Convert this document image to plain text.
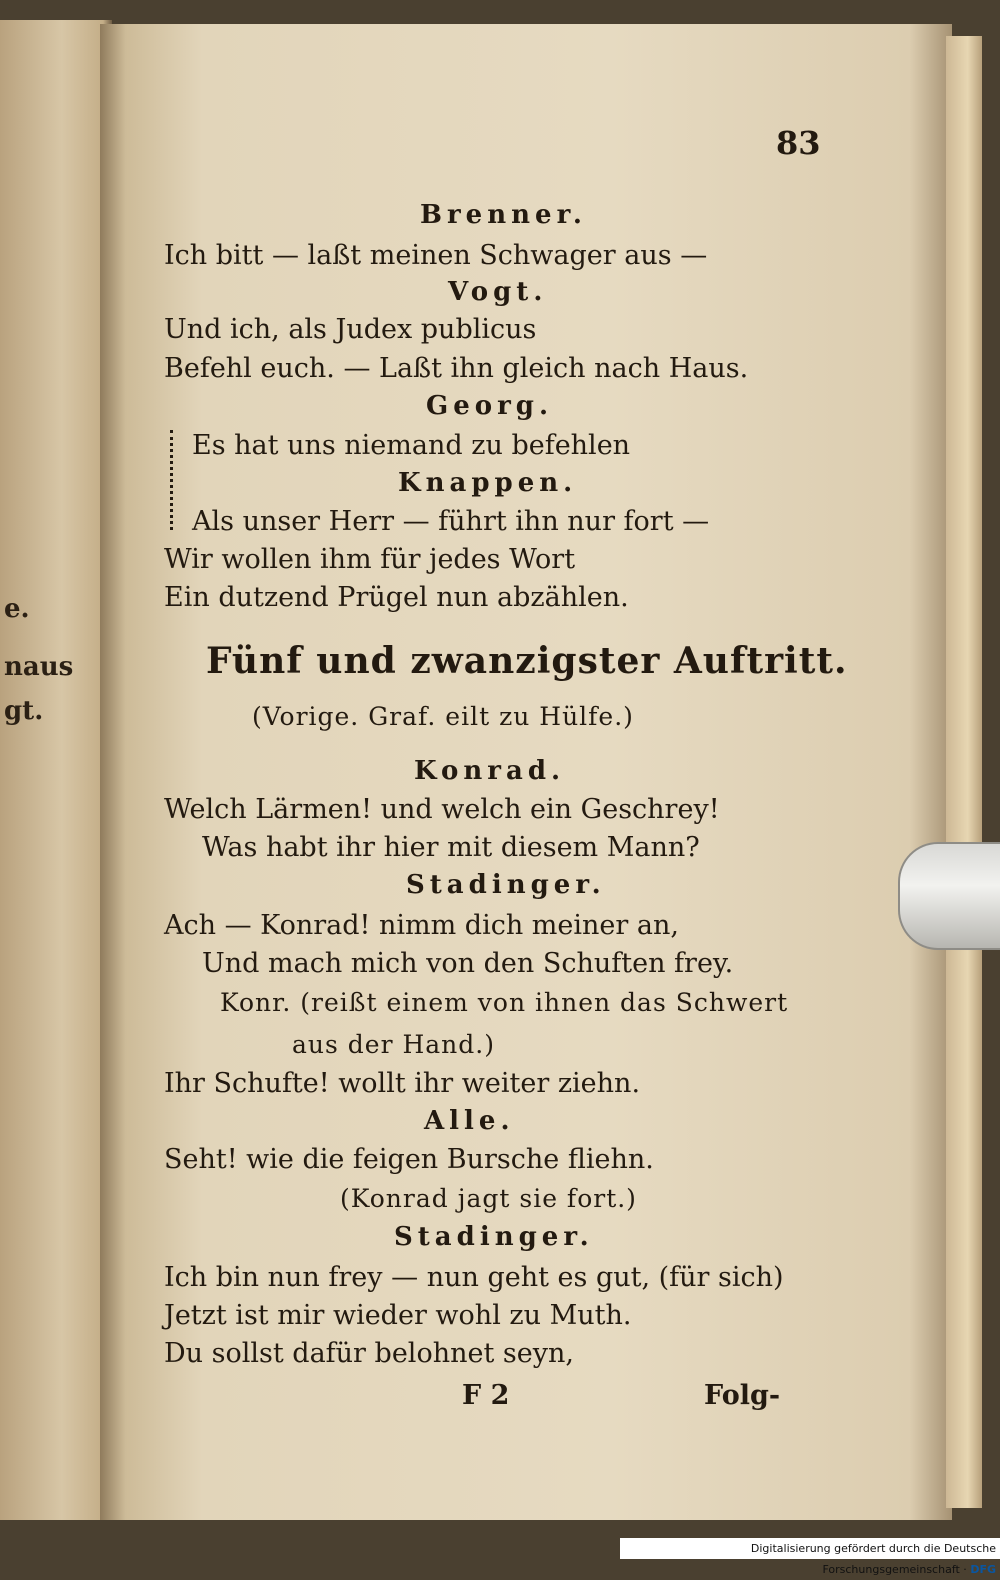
e.
naus
gt.
83
Brenner.
Ich bitt — laßt meinen Schwager aus —
Vogt.
Und ich, als Judex publicus
Befehl euch. — Laßt ihn gleich nach Haus.
Georg.
Es hat uns niemand zu befehlen
Knappen.
Als unser Herr — führt ihn nur fort —
Wir wollen ihm für jedes Wort
Ein dutzend Prügel nun abzählen.
Fünf und zwanzigster Auftritt.
(Vorige. Graf. eilt zu Hülfe.)
Konrad.
Welch Lärmen! und welch ein Geschrey!
Was habt ihr hier mit diesem Mann?
Stadinger.
Ach — Konrad! nimm dich meiner an,
Und mach mich von den Schuften frey.
Konr. (reißt einem von ihnen das Schwert
aus der Hand.)
Ihr Schufte! wollt ihr weiter ziehn.
Alle.
Seht! wie die feigen Bursche fliehn.
(Konrad jagt sie fort.)
Stadinger.
Ich bin nun frey — nun geht es gut, (für sich)
Jetzt ist mir wieder wohl zu Muth.
Du sollst dafür belohnet seyn,
F 2	Folg-
Digitalisierung gefördert durch die Deutsche Forschungsgemeinschaft · DFG
